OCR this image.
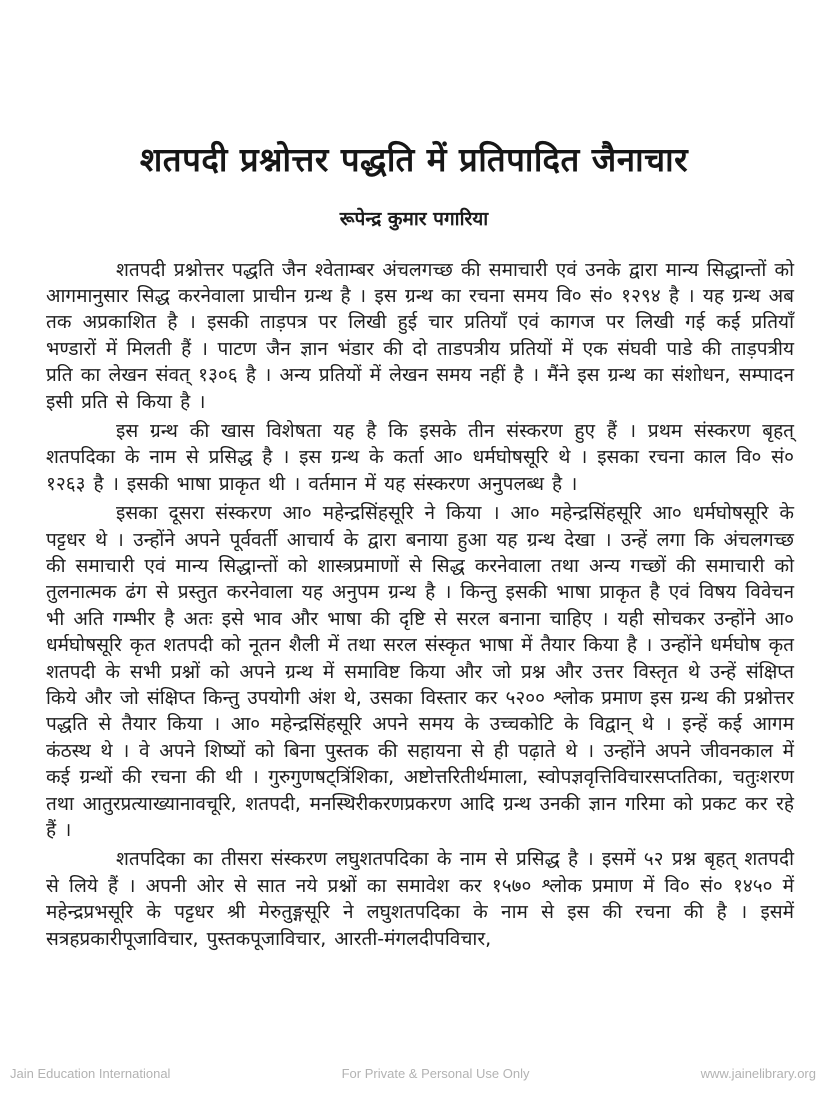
शतपदी प्रश्नोत्तर पद्धति में प्रतिपादित जैनाचार
रूपेन्द्र कुमार पगारिया

शतपदी प्रश्नोत्तर पद्धति जैन श्वेताम्बर अंचलगच्छ की समाचारी एवं उनके द्वारा मान्य सिद्धान्तों को आगमानुसार सिद्ध करनेवाला प्राचीन ग्रन्थ है । इस ग्रन्थ का रचना समय वि० सं० १२९४ है । यह ग्रन्थ अब तक अप्रकाशित है । इसकी ताड़पत्र पर लिखी हुई चार प्रतियाँ एवं कागज पर लिखी गई कई प्रतियाँ भण्डारों में मिलती हैं । पाटण जैन ज्ञान भंडार की दो ताडपत्रीय प्रतियों में एक संघवी पाडे की ताड़पत्रीय प्रति का लेखन संवत् १३०६ है । अन्य प्रतियों में लेखन समय नहीं है । मैंने इस ग्रन्थ का संशोधन, सम्पादन इसी प्रति से किया है ।

इस ग्रन्थ की खास विशेषता यह है कि इसके तीन संस्करण हुए हैं । प्रथम संस्करण बृहत् शतपदिका के नाम से प्रसिद्ध है । इस ग्रन्थ के कर्ता आ० धर्मघोषसूरि थे । इसका रचना काल वि० सं० १२६३ है । इसकी भाषा प्राकृत थी । वर्तमान में यह संस्करण अनुपलब्ध है ।

इसका दूसरा संस्करण आ० महेन्द्रसिंहसूरि ने किया । आ० महेन्द्रसिंहसूरि आ० धर्मघोषसूरि के पट्टधर थे । उन्होंने अपने पूर्ववर्ती आचार्य के द्वारा बनाया हुआ यह ग्रन्थ देखा । उन्हें लगा कि अंचलगच्छ की समाचारी एवं मान्य सिद्धान्तों को शास्त्रप्रमाणों से सिद्ध करनेवाला तथा अन्य गच्छों की समाचारी को तुलनात्मक ढंग से प्रस्तुत करनेवाला यह अनुपम ग्रन्थ है । किन्तु इसकी भाषा प्राकृत है एवं विषय विवेचन भी अति गम्भीर है अतः इसे भाव और भाषा की दृष्टि से सरल बनाना चाहिए । यही सोचकर उन्होंने आ० धर्मघोषसूरि कृत शतपदी को नूतन शैली में तथा सरल संस्कृत भाषा में तैयार किया है । उन्होंने धर्मघोष कृत शतपदी के सभी प्रश्नों को अपने ग्रन्थ में समाविष्ट किया और जो प्रश्न और उत्तर विस्तृत थे उन्हें संक्षिप्त किये और जो संक्षिप्त किन्तु उपयोगी अंश थे, उसका विस्तार कर ५२०० श्लोक प्रमाण इस ग्रन्थ की प्रश्नोत्तर पद्धति से तैयार किया । आ० महेन्द्रसिंहसूरि अपने समय के उच्चकोटि के विद्वान् थे । इन्हें कई आगम कंठस्थ थे । वे अपने शिष्यों को बिना पुस्तक की सहायना से ही पढ़ाते थे । उन्होंने अपने जीवनकाल में कई ग्रन्थों की रचना की थी । गुरुगुणषट्त्रिंशिका, अष्टोत्तरितीर्थमाला, स्वोपज्ञवृत्तिविचारसप्ततिका, चतुःशरण तथा आतुरप्रत्याख्यानावचूरि, शतपदी, मनस्थिरीकरणप्रकरण आदि ग्रन्थ उनकी ज्ञान गरिमा को प्रकट कर रहे हैं ।

शतपदिका का तीसरा संस्करण लघुशतपदिका के नाम से प्रसिद्ध है । इसमें ५२ प्रश्न बृहत् शतपदी से लिये हैं । अपनी ओर से सात नये प्रश्नों का समावेश कर १५७० श्लोक प्रमाण में वि० सं० १४५० में महेन्द्रप्रभसूरि के पट्टधर श्री मेरुतुङ्गसूरि ने लघुशतपदिका के नाम से इस की रचना की है । इसमें सत्रहप्रकारीपूजाविचार, पुस्तकपूजाविचार, आरती-मंगलदीपविचार,

Jain Education International	For Private & Personal Use Only	www.jainelibrary.org
